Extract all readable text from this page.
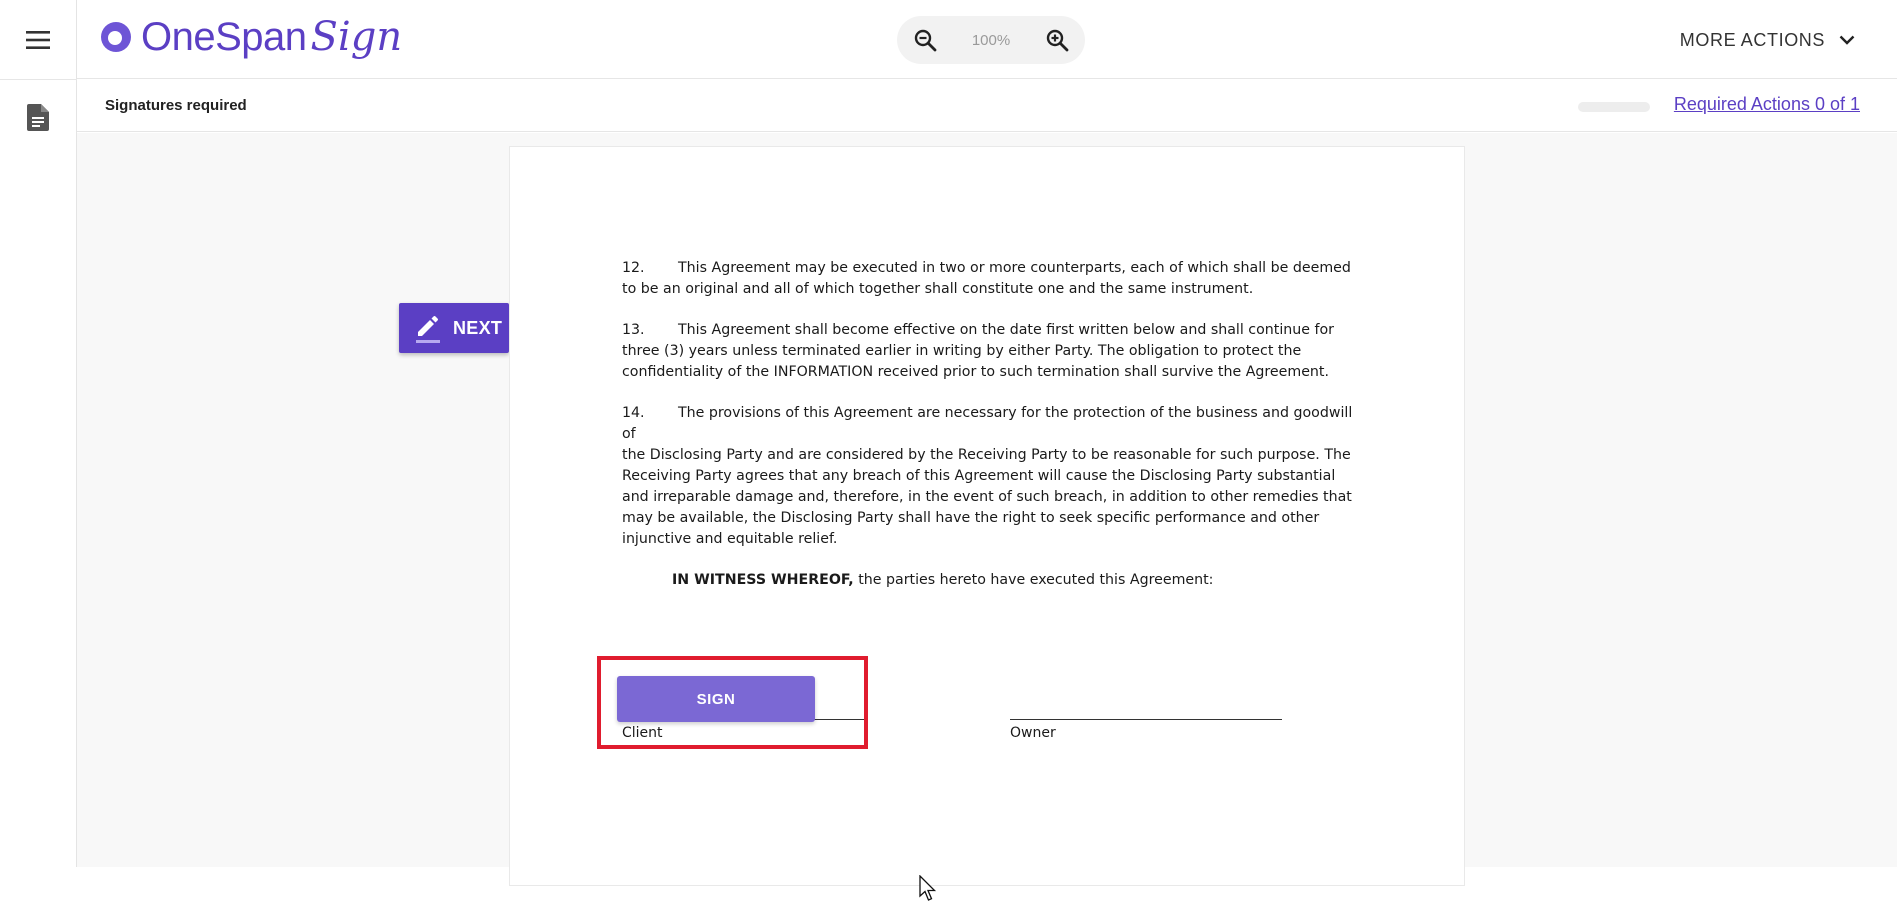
OneSpan Sign	100%	MORE ACTIONS
Signatures required	Required Actions 0 of 1
NEXT

12. This Agreement may be executed in two or more counterparts, each of which shall be deemed to be an original and all of which together shall constitute one and the same instrument.

13. This Agreement shall become effective on the date first written below and shall continue for three (3) years unless terminated earlier in writing by either Party. The obligation to protect the confidentiality of the INFORMATION received prior to such termination shall survive the Agreement.

14. The provisions of this Agreement are necessary for the protection of the business and goodwill of
the Disclosing Party and are considered by the Receiving Party to be reasonable for such purpose. The Receiving Party agrees that any breach of this Agreement will cause the Disclosing Party substantial and irreparable damage and, therefore, in the event of such breach, in addition to other remedies that may be available, the Disclosing Party shall have the right to seek specific performance and other injunctive and equitable relief.

IN WITNESS WHEREOF, the parties hereto have executed this Agreement:

Client
SIGN
Owner
